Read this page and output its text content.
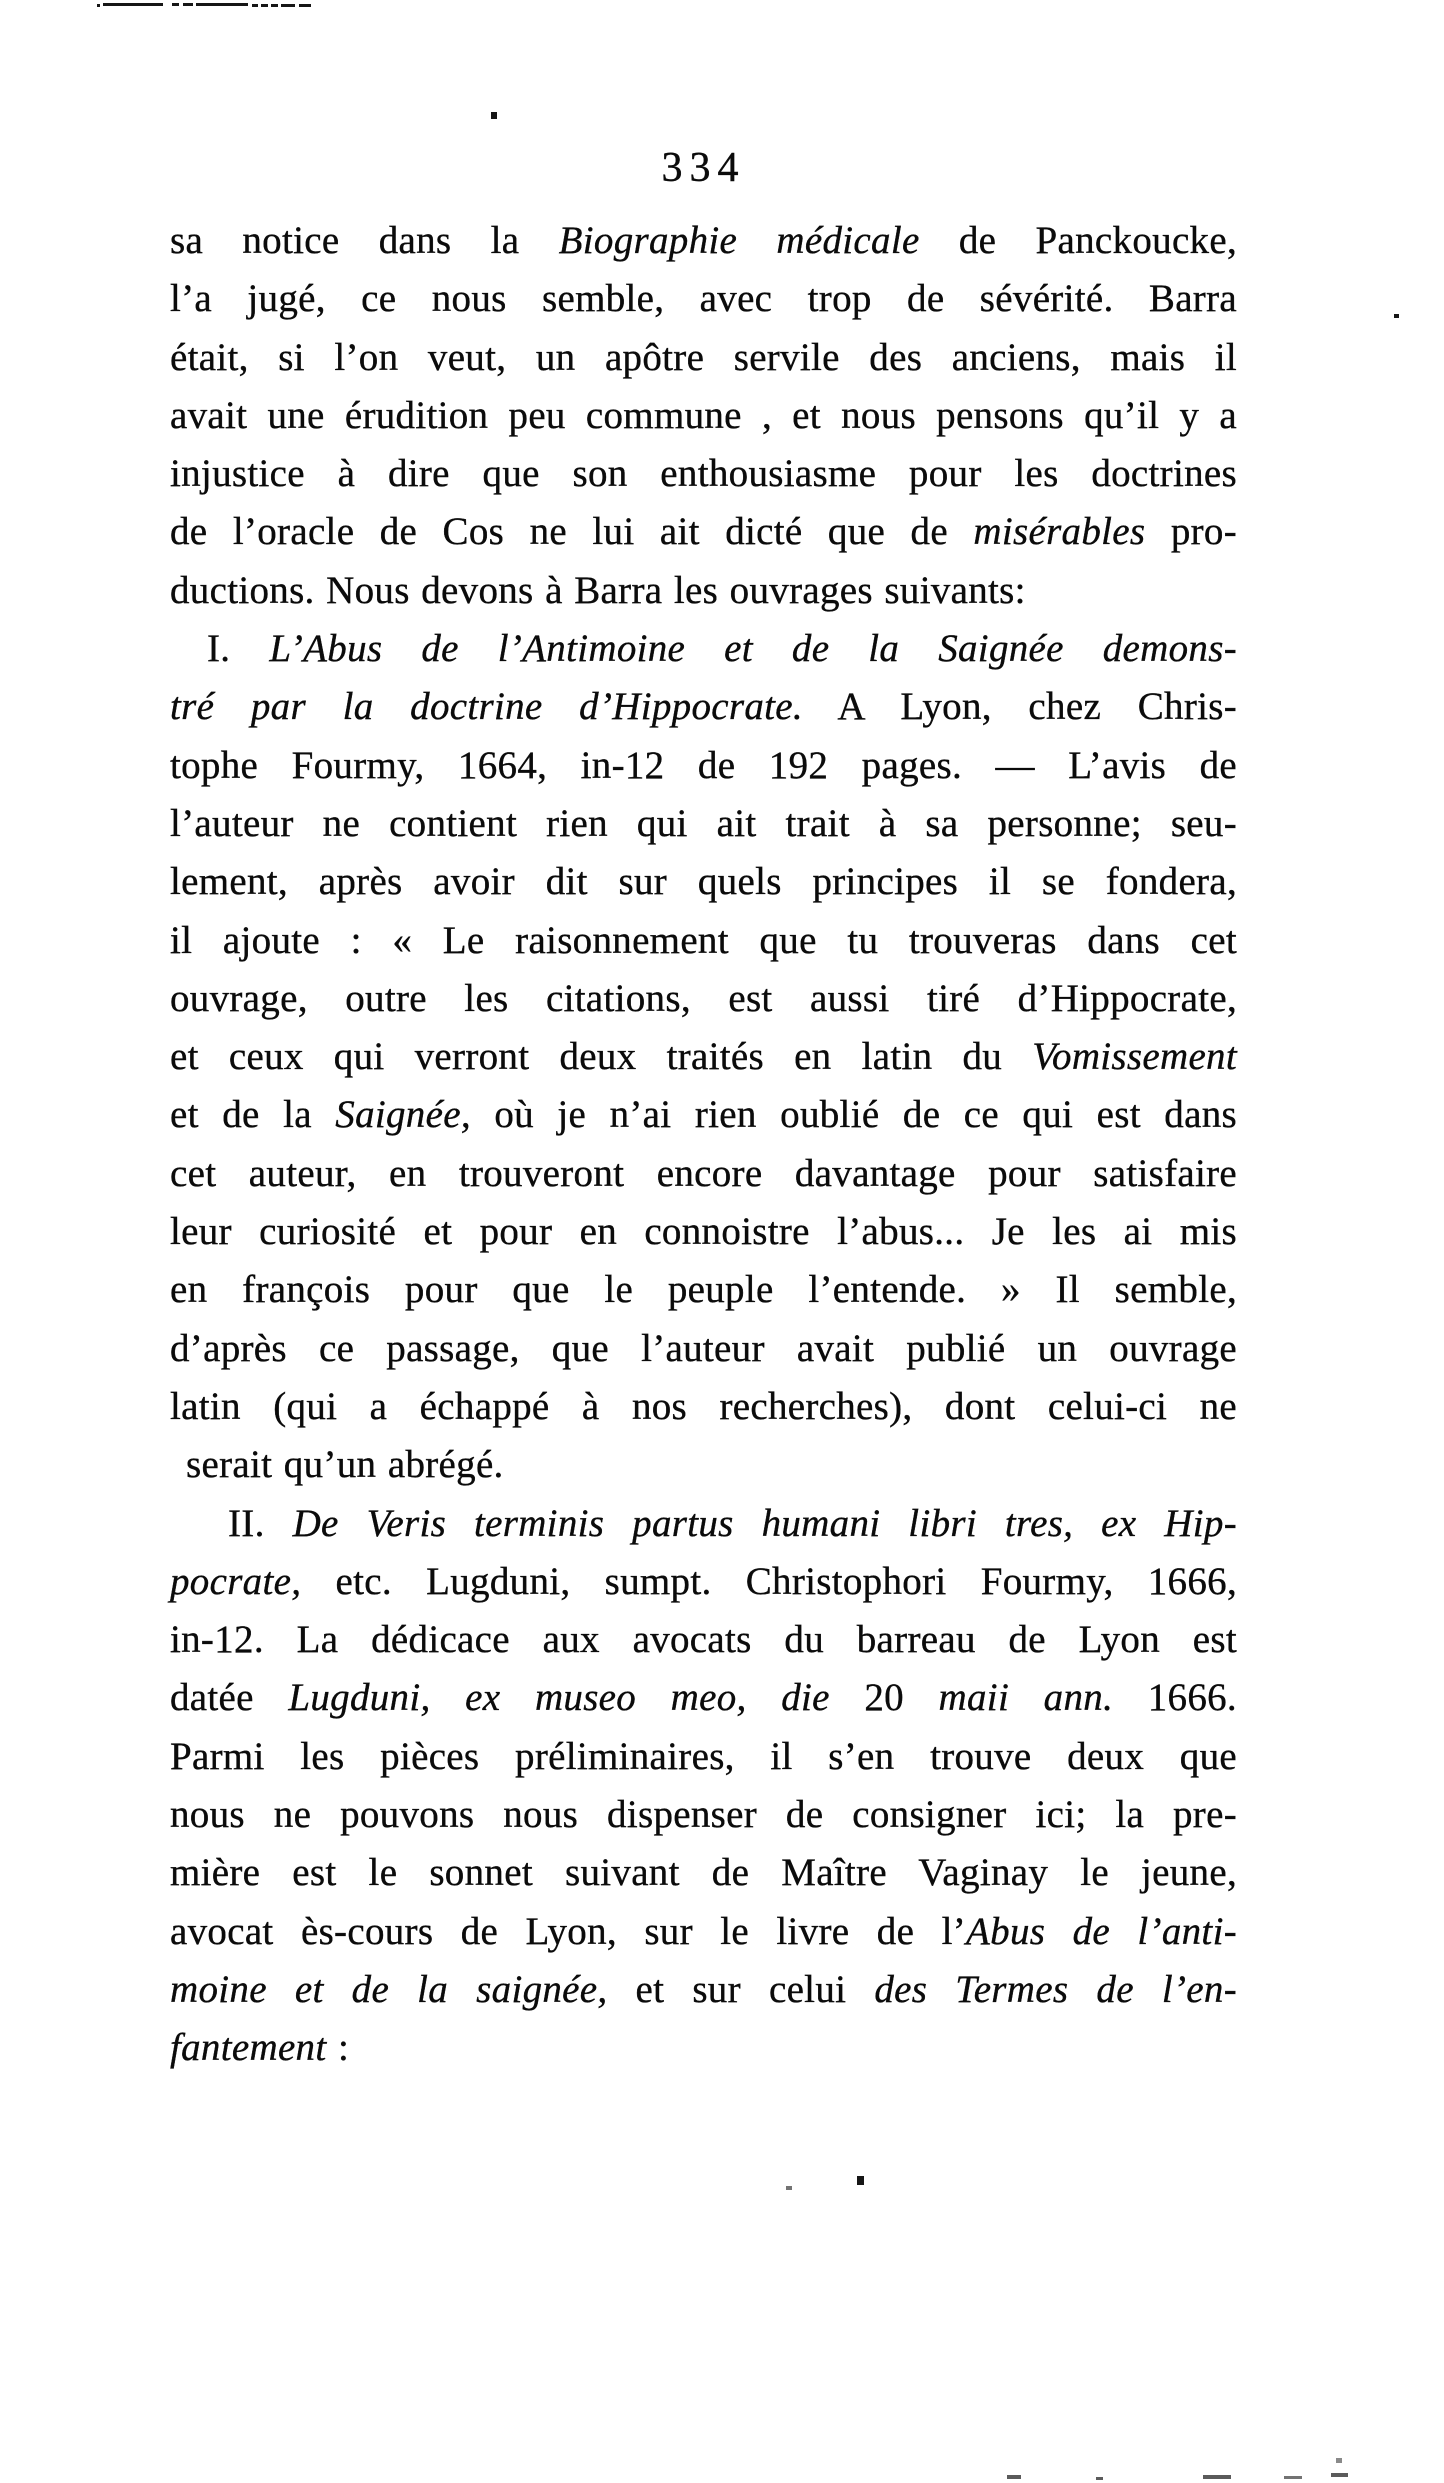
334
sa notice dans la Biographie médicale de Panckoucke,
l’a jugé, ce nous semble, avec trop de sévérité. Barra
était, si l’on veut, un apôtre servile des anciens, mais il
avait une érudition peu commune , et nous pensons qu’il y a
injustice à dire que son enthousiasme pour les doctrines
de l’oracle de Cos ne lui ait dicté que de misérables pro-
ductions. Nous devons à Barra les ouvrages suivants:
I. L’Abus de l’Antimoine et de la Saignée demons-
tré par la doctrine d’Hippocrate. A Lyon, chez Chris-
tophe Fourmy, 1664, in-12 de 192 pages. — L’avis de
l’auteur ne contient rien qui ait trait à sa personne; seu-
lement, après avoir dit sur quels principes il se fondera,
il ajoute : « Le raisonnement que tu trouveras dans cet
ouvrage, outre les citations, est aussi tiré d’Hippocrate,
et ceux qui verront deux traités en latin du Vomissement
et de la Saignée, où je n’ai rien oublié de ce qui est dans
cet auteur, en trouveront encore davantage pour satisfaire
leur curiosité et pour en connoistre l’abus... Je les ai mis
en françois pour que le peuple l’entende. » Il semble,
d’après ce passage, que l’auteur avait publié un ouvrage
latin (qui a échappé à nos recherches), dont celui-ci ne
serait qu’un abrégé.
II. De Veris terminis partus humani libri tres, ex Hip-
pocrate, etc. Lugduni, sumpt. Christophori Fourmy, 1666,
in-12. La dédicace aux avocats du barreau de Lyon est
datée Lugduni, ex museo meo, die 20 maii ann. 1666.
Parmi les pièces préliminaires, il s’en trouve deux que
nous ne pouvons nous dispenser de consigner ici; la pre-
mière est le sonnet suivant de Maître Vaginay le jeune,
avocat ès-cours de Lyon, sur le livre de l’Abus de l’anti-
moine et de la saignée, et sur celui des Termes de l’en-
fantement :
